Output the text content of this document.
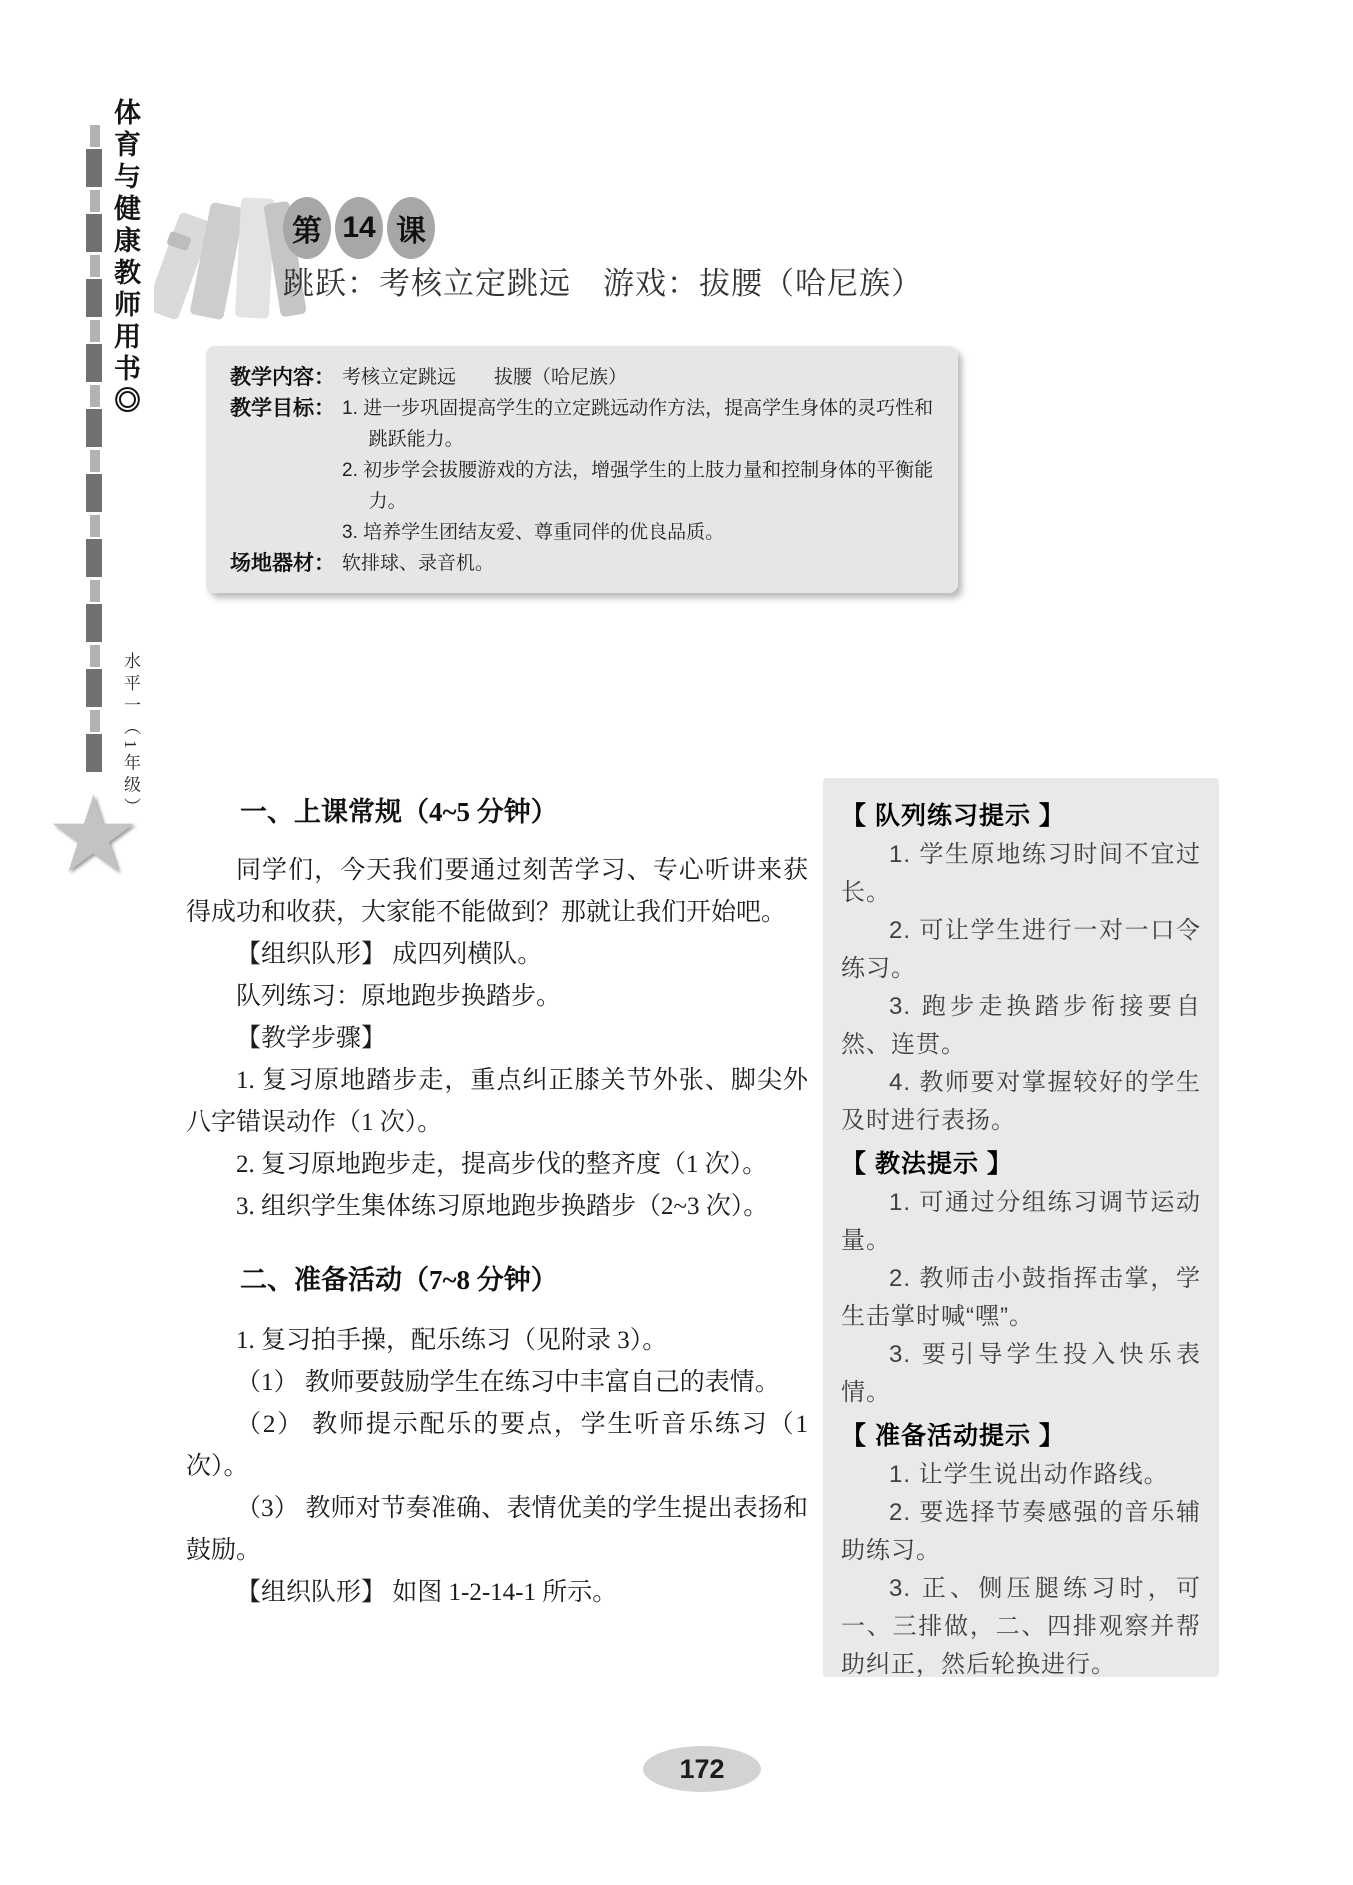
体育与健康教师用书◎
水平一（1年级）
★
第 14 课
跳跃：考核立定跳远　游戏：拔腰（哈尼族）
教学内容： 考核立定跳远　　拔腰（哈尼族）
教学目标： 1. 进一步巩固提高学生的立定跳远动作方法，提高学生身体的灵巧性和跳跃能力。
2. 初步学会拔腰游戏的方法，增强学生的上肢力量和控制身体的平衡能力。
3. 培养学生团结友爱、尊重同伴的优良品质。
场地器材： 软排球、录音机。
一、上课常规（4~5 分钟）

同学们，今天我们要通过刻苦学习、专心听讲来获得成功和收获，大家能不能做到？那就让我们开始吧。

【组织队形】 成四列横队。

队列练习：原地跑步换踏步。

【教学步骤】

1. 复习原地踏步走，重点纠正膝关节外张、脚尖外八字错误动作（1 次）。

2. 复习原地跑步走，提高步伐的整齐度（1 次）。

3. 组织学生集体练习原地跑步换踏步（2~3 次）。

二、准备活动（7~8 分钟）

1. 复习拍手操，配乐练习（见附录 3）。

（1） 教师要鼓励学生在练习中丰富自己的表情。

（2） 教师提示配乐的要点，学生听音乐练习（1 次）。

（3） 教师对节奏准确、表情优美的学生提出表扬和鼓励。

【组织队形】 如图 1-2-14-1 所示。

【 队列练习提示 】
1. 学生原地练习时间不宜过长。
2. 可让学生进行一对一口令练习。
3. 跑步走换踏步衔接要自然、连贯。
4. 教师要对掌握较好的学生及时进行表扬。
【 教法提示 】
1. 可通过分组练习调节运动量。
2. 教师击小鼓指挥击掌，学生击掌时喊“嘿”。
3. 要引导学生投入快乐表情。
【 准备活动提示 】
1. 让学生说出动作路线。
2. 要选择节奏感强的音乐辅助练习。
3. 正、侧压腿练习时，可一、三排做，二、四排观察并帮助纠正，然后轮换进行。
172
